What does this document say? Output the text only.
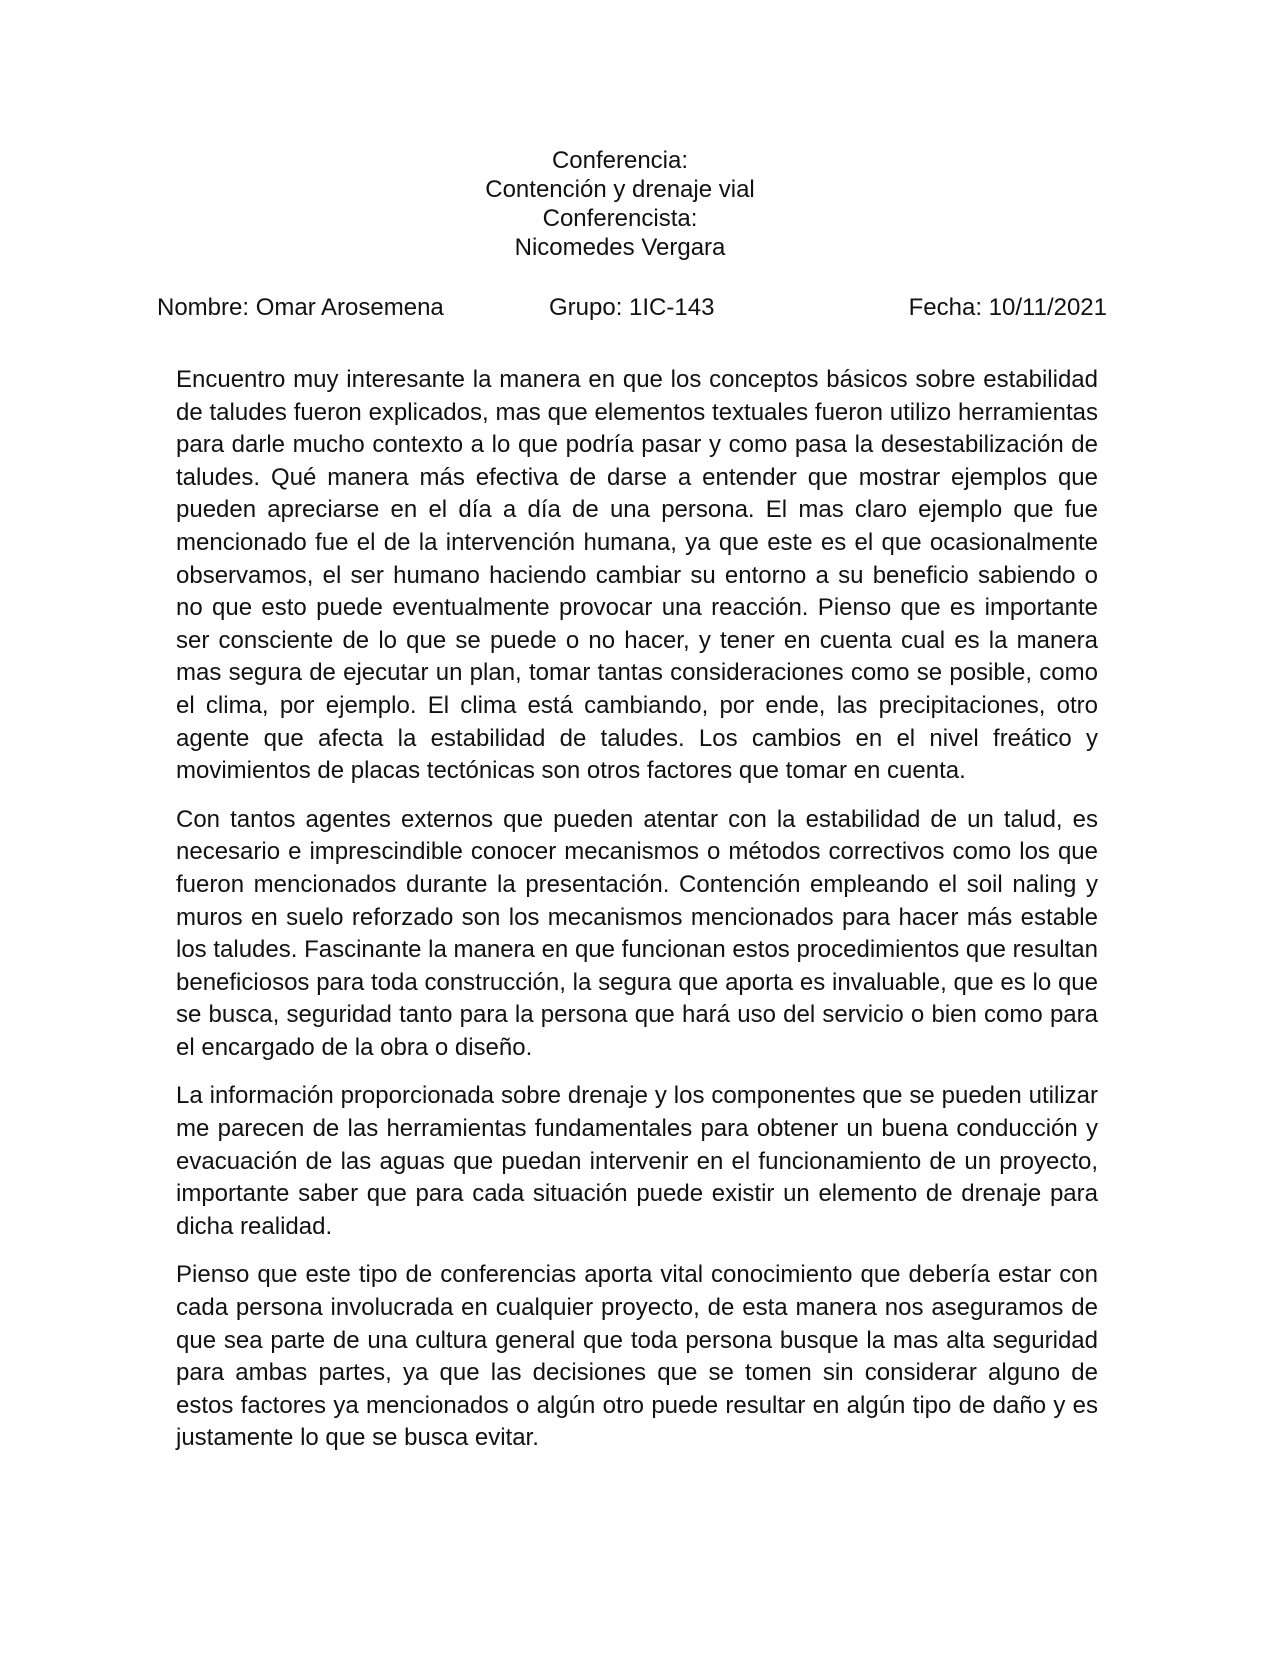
Conferencia:
Contención y drenaje vial
Conferencista:
Nicomedes Vergara
Nombre: Omar Arosemena	Grupo: 1IC-143	Fecha: 10/11/2021

Encuentro muy interesante la manera en que los conceptos básicos sobre estabilidad de taludes fueron explicados, mas que elementos textuales fueron utilizo herramientas para darle mucho contexto a lo que podría pasar y como pasa la desestabilización de taludes. Qué manera más efectiva de darse a entender que mostrar ejemplos que pueden apreciarse en el día a día de una persona. El mas claro ejemplo que fue mencionado fue el de la intervención humana, ya que este es el que ocasionalmente observamos, el ser humano haciendo cambiar su entorno a su beneficio sabiendo o no que esto puede eventualmente provocar una reacción. Pienso que es importante ser consciente de lo que se puede o no hacer, y tener en cuenta cual es la manera mas segura de ejecutar un plan, tomar tantas consideraciones como se posible, como el clima, por ejemplo. El clima está cambiando, por ende, las precipitaciones, otro agente que afecta la estabilidad de taludes. Los cambios en el nivel freático y movimientos de placas tectónicas son otros factores que tomar en cuenta.

Con tantos agentes externos que pueden atentar con la estabilidad de un talud, es necesario e imprescindible conocer mecanismos o métodos correctivos como los que fueron mencionados durante la presentación. Contención empleando el soil naling y muros en suelo reforzado son los mecanismos mencionados para hacer más estable los taludes. Fascinante la manera en que funcionan estos procedimientos que resultan beneficiosos para toda construcción, la segura que aporta es invaluable, que es lo que se busca, seguridad tanto para la persona que hará uso del servicio o bien como para el encargado de la obra o diseño.

La información proporcionada sobre drenaje y los componentes que se pueden utilizar me parecen de las herramientas fundamentales para obtener un buena conducción y evacuación de las aguas que puedan intervenir en el funcionamiento de un proyecto, importante saber que para cada situación puede existir un elemento de drenaje para dicha realidad.

Pienso que este tipo de conferencias aporta vital conocimiento que debería estar con cada persona involucrada en cualquier proyecto, de esta manera nos aseguramos de que sea parte de una cultura general que toda persona busque la mas alta seguridad para ambas partes, ya que las decisiones que se tomen sin considerar alguno de estos factores ya mencionados o algún otro puede resultar en algún tipo de daño y es justamente lo que se busca evitar.
